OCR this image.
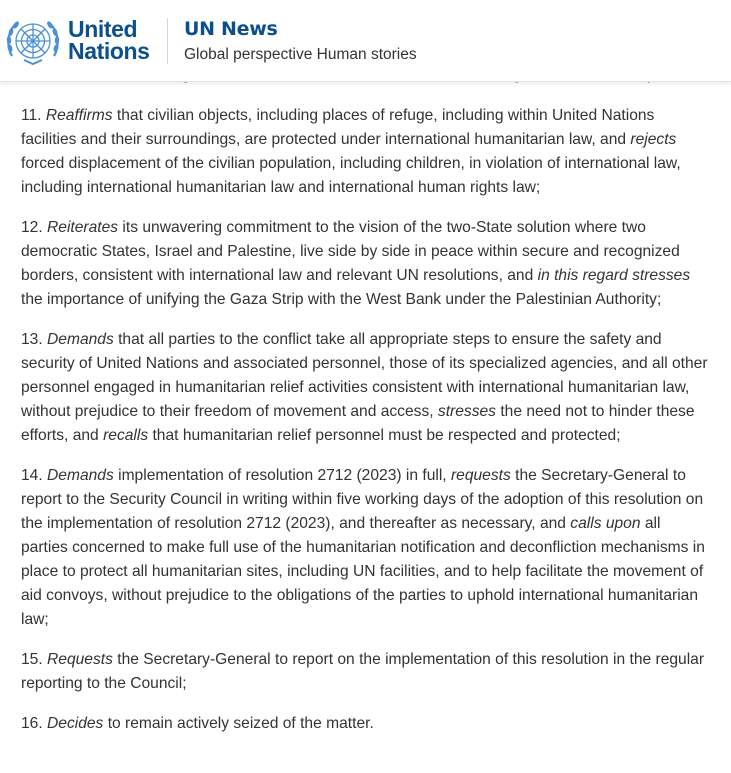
United
Nations
UN News
Global perspective Human stories

11. Reaffirms that civilian objects, including places of refuge, including within United Nations facilities and their surroundings, are protected under international humanitarian law, and rejects forced displacement of the civilian population, including children, in violation of international law, including international humanitarian law and international human rights law;

12. Reiterates its unwavering commitment to the vision of the two-State solution where two democratic States, Israel and Palestine, live side by side in peace within secure and recognized borders, consistent with international law and relevant UN resolutions, and in this regard stresses the importance of unifying the Gaza Strip with the West Bank under the Palestinian Authority;

13. Demands that all parties to the conflict take all appropriate steps to ensure the safety and security of United Nations and associated personnel, those of its specialized agencies, and all other personnel engaged in humanitarian relief activities consistent with international humanitarian law, without prejudice to their freedom of movement and access, stresses the need not to hinder these efforts, and recalls that humanitarian relief personnel must be respected and protected;

14. Demands implementation of resolution 2712 (2023) in full, requests the Secretary-General to report to the Security Council in writing within five working days of the adoption of this resolution on the implementation of resolution 2712 (2023), and thereafter as necessary, and calls upon all parties concerned to make full use of the humanitarian notification and deconfliction mechanisms in place to protect all humanitarian sites, including UN facilities, and to help facilitate the movement of aid convoys, without prejudice to the obligations of the parties to uphold international humanitarian law;

15. Requests the Secretary-General to report on the implementation of this resolution in the regular reporting to the Council;

16. Decides to remain actively seized of the matter.
